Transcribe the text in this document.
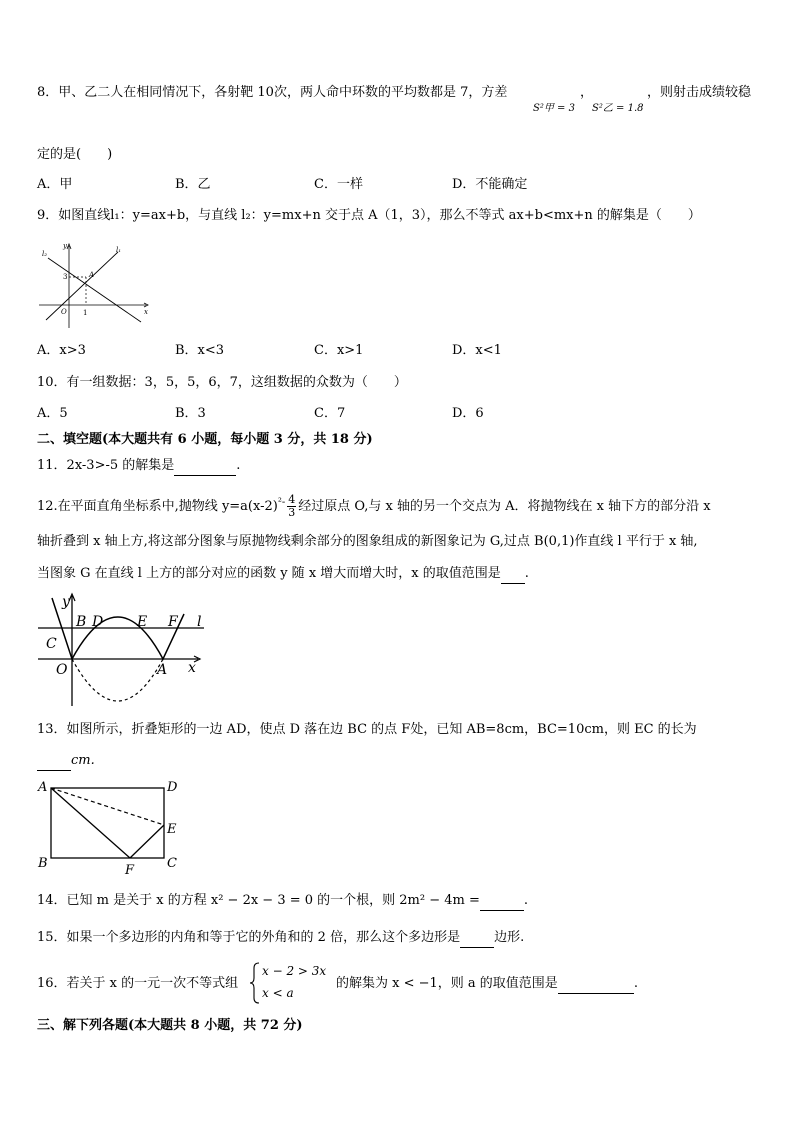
8．甲、乙二人在相同情况下，各射靶 10次，两人命中环数的平均数都是 7，方差	，
S²甲 = 3 S²乙 = 1.8
，则射击成绩较稳
定的是(　　)
A．甲	B．乙	C．一样	D．不能确定
9．如图直线l₁：y=ax+b，与直线 l₂：y=mx+n 交于点 A（1，3），那么不等式 ax+b<mx+n 的解集是（　　）
l₂	l₁
y
x
O
3
1
A
A．x>3	B．x<3	C．x>1	D．x<1
10．有一组数据：3，5，5，6，7，这组数据的众数为（　　）
A．5	B．3	C．7	D．6
二、填空题(本大题共有 6 小题，每小题 3 分，共 18 分)
11．2x-3>-5 的解集是	.
12.在平面直角坐标系中,抛物线 $y=a(x-2)^{^2-} \frac{4}{3}$ 经过原点 O,与 x 轴的另一个交点为 A．将抛物线在 x 轴下方的部分沿 x
轴折叠到 x 轴上方,将这部分图象与原抛物线剩余部分的图象组成的新图象记为 G,过点 B(0,1)作直线 l 平行于 x 轴,
当图象 G 在直线 l 上方的部分对应的函数 y 随 x 增大而增大时，x 的取值范围是 .
y
B D E F l
C
O	A x
13．如图所示，折叠矩形的一边 AD，使点 D 落在边 BC 的点 F处，已知 AB=8cm，BC=10cm，则 EC 的长为
cm.
A	D
E
B	F	C
14．已知 m 是关于 x 的方程 x² − 2x − 3 = 0 的一个根，则 2m² − 4m =	.
15．如果一个多边形的内角和等于它的外角和的 2 倍，那么这个多边形是	边形.
16．若关于 x 的一元一次不等式组
x − 2 > 3x
x < a
的解集为 x < −1，则 a 的取值范围是	.
三、解下列各题(本大题共 8 小题，共 72 分)
